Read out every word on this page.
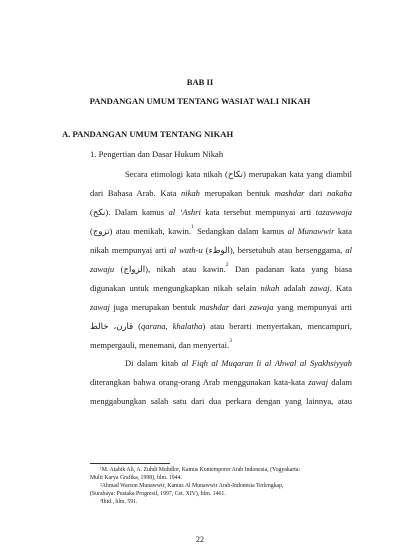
BAB II
PANDANGAN UMUM TENTANG WASIAT WALI NIKAH
A. PANDANGAN UMUM TENTANG NIKAH
1. Pengertian dan Dasar Hukum Nikah
Secara etimologi kata nikah (نكاح) merupakan kata yang diambil
dari Bahasa Arab. Kata nikah merupakan bentuk mashdar dari nakaha
(نكح). Dalam kamus al ‘Ashri kata tersebut mempunyai arti tazawwaja
(تزوج) atau menikah, kawin.$^1$ Sedangkan dalam kamus al Munawwir kata
nikah mempunyai arti al wath-u (الوطء), bersetubuh atau bersenggama, al
zawaju (الزواج), nikah atau kawin.$^2$ Dan padanan kata yang biasa
digunakan untuk mengungkapkan nikah selain nikah adalah zawaj. Kata
zawaj juga merupakan bentuk mashdar dari zawaja yang mempunyai arti
قارن، خالط (qarana, khalatha) atau berarti menyertakan, mencampuri,
mempergauli, menemani, dan menyertai.$^3$
Di dalam kitab al Fiqh al Muqaran li al Ahwal al Syakhsiyyah
diterangkan bahwa orang-orang Arab menggunakan kata-kata zawaj dalam
menggabungkan salah satu dari dua perkara dengan yang lainnya, atau
¹M. Atabik Ali, A. Zuhdi Muhdlor, Kamus Kontemporer Arab Indonesia, (Yogyakarta:
Multi Karya Grafika, 1998), hlm. 1944.
²Ahmad Warson Munawwir, Kamus Al Munawwir Arab-Indonesia Terlengkap,
(Surabaya: Pustaka Progresif, 1997, Cet. XIV), hlm. 1461.
³Ibid., hlm. 591.
22
